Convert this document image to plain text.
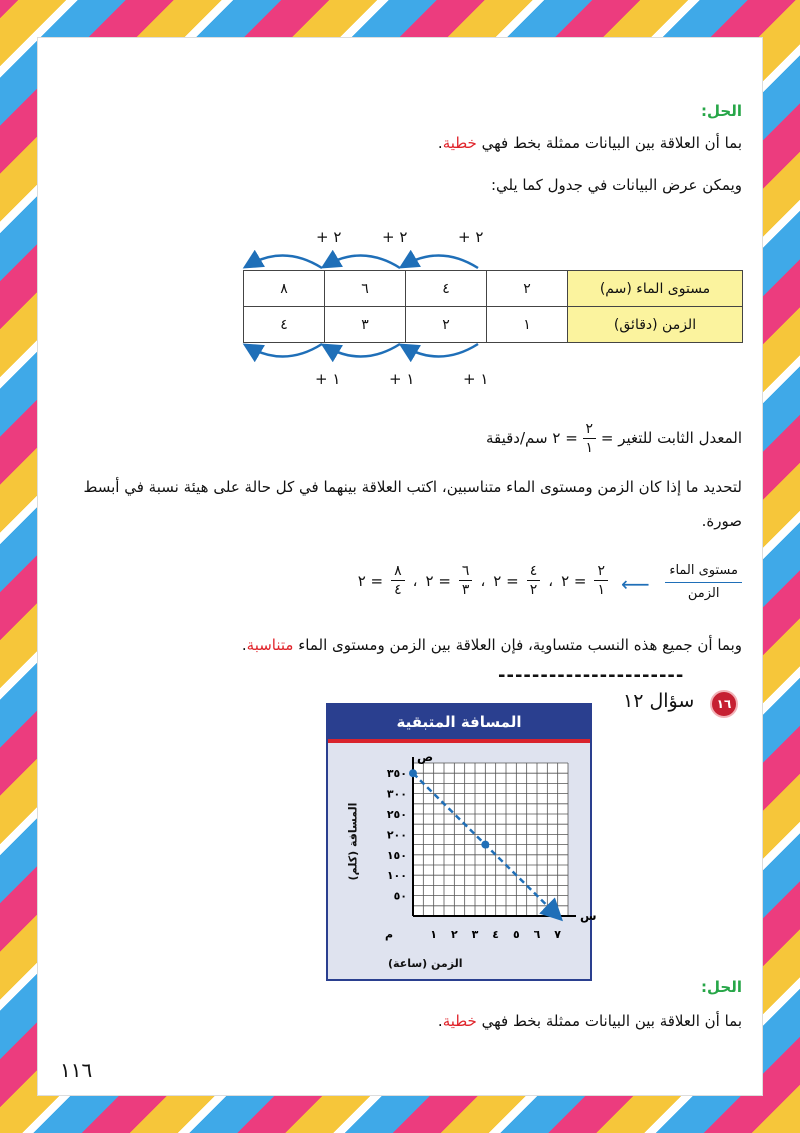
الحل:
بما أن العلاقة بين البيانات ممثلة بخط فهي خطية.
ويمكن عرض البيانات في جدول كما يلي:
+ ٢
+ ٢
+ ٢
+ ١
+ ١
+ ١
مستوى الماء (سم)	٢	٤	٦	٨
الزمن (دقائق)	١	٢	٣	٤
المعدل الثابت للتغير =
$\frac{٢}{١}$
= ٢ سم/دقيقة
لتحديد ما إذا كان الزمن ومستوى الماء متناسبين، اكتب العلاقة بينهما في كل حالة على هيئة نسبة في أبسط صورة.
مستوى الماء
الزمن
⟵
$\frac{٢}{١}$
= ٢
،
$\frac{٤}{٢}$
= ٢
،
$\frac{٦}{٣}$
= ٢
،
$\frac{٨}{٤}$
= ٢
وبما أن جميع هذه النسب متساوية، فإن العلاقة بين الزمن ومستوى الماء متناسبة.
----------------------
١٦
سؤال ١٢
المسافة المتبقية
١ ٢ ٣ ٤ ٥ ٦ ٧
٥٠
١٠٠
١٥٠
٢٠٠
٢٥٠
٣٠٠
٣٥٠
م
س
ص
الزمن (ساعة)
المسافة (كلم)
الحل:
بما أن العلاقة بين البيانات ممثلة بخط فهي خطية.
١١٦
